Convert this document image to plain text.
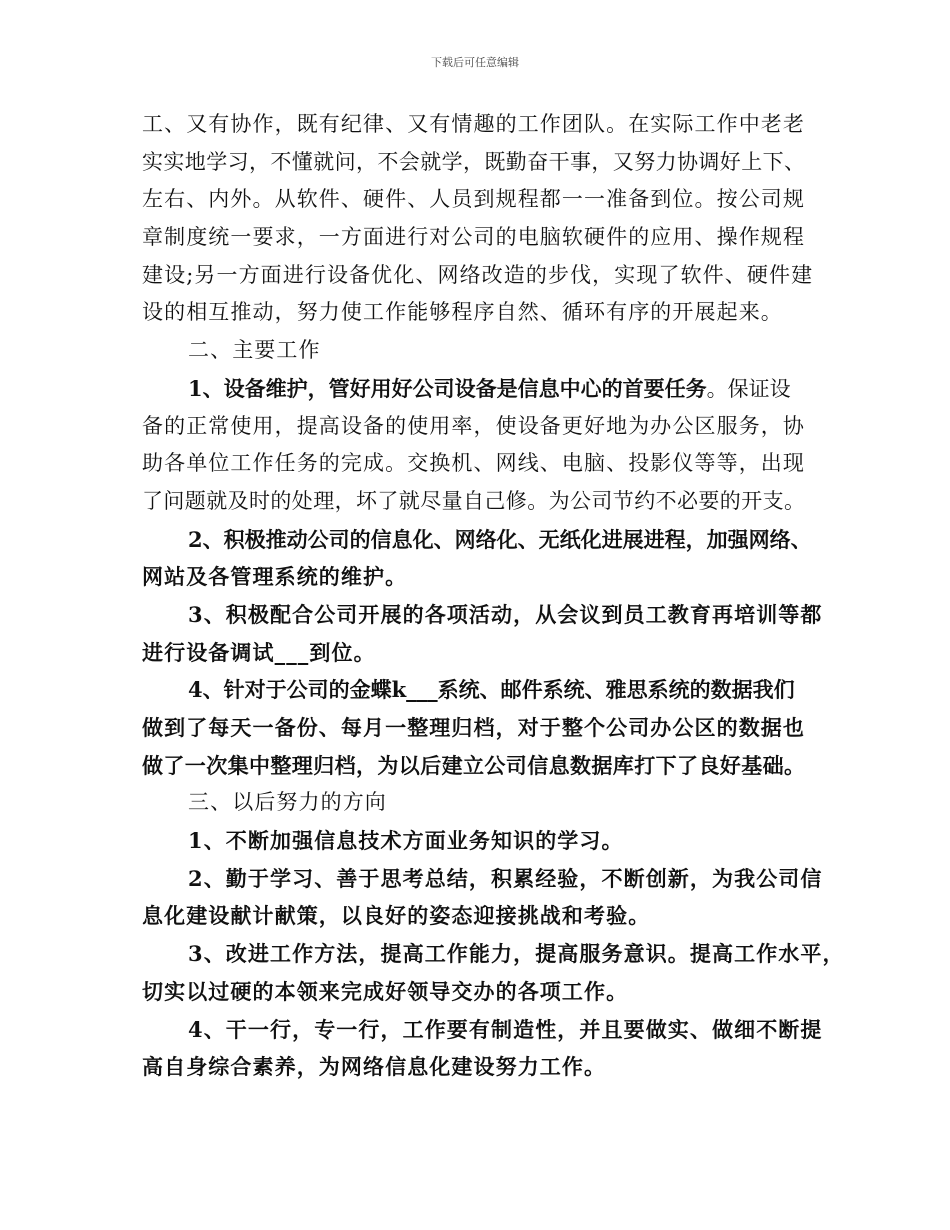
下载后可任意编辑
工、又有协作，既有纪律、又有情趣的工作团队。在实际工作中老老
实实地学习，不懂就问，不会就学，既勤奋干事，又努力协调好上下、
左右、内外。从软件、硬件、人员到规程都一一准备到位。按公司规
章制度统一要求，一方面进行对公司的电脑软硬件的应用、操作规程
建设;另一方面进行设备优化、网络改造的步伐，实现了软件、硬件建
设的相互推动，努力使工作能够程序自然、循环有序的开展起来。
二、主要工作
1、设备维护，管好用好公司设备是信息中心的首要任务。保证设
备的正常使用，提高设备的使用率，使设备更好地为办公区服务，协
助各单位工作任务的完成。交换机、网线、电脑、投影仪等等，出现
了问题就及时的处理，坏了就尽量自己修。为公司节约不必要的开支。
2、积极推动公司的信息化、网络化、无纸化进展进程，加强网络、
网站及各管理系统的维护。
3、积极配合公司开展的各项活动，从会议到员工教育再培训等都
进行设备调试___到位。
4、针对于公司的金蝶k___系统、邮件系统、雅思系统的数据我们
做到了每天一备份、每月一整理归档，对于整个公司办公区的数据也
做了一次集中整理归档，为以后建立公司信息数据库打下了良好基础。
三、以后努力的方向
1、不断加强信息技术方面业务知识的学习。
2、勤于学习、善于思考总结，积累经验，不断创新，为我公司信
息化建设献计献策，以良好的姿态迎接挑战和考验。
3、改进工作方法，提高工作能力，提高服务意识。提高工作水平，
切实以过硬的本领来完成好领导交办的各项工作。
4、干一行，专一行，工作要有制造性，并且要做实、做细不断提
高自身综合素养，为网络信息化建设努力工作。
